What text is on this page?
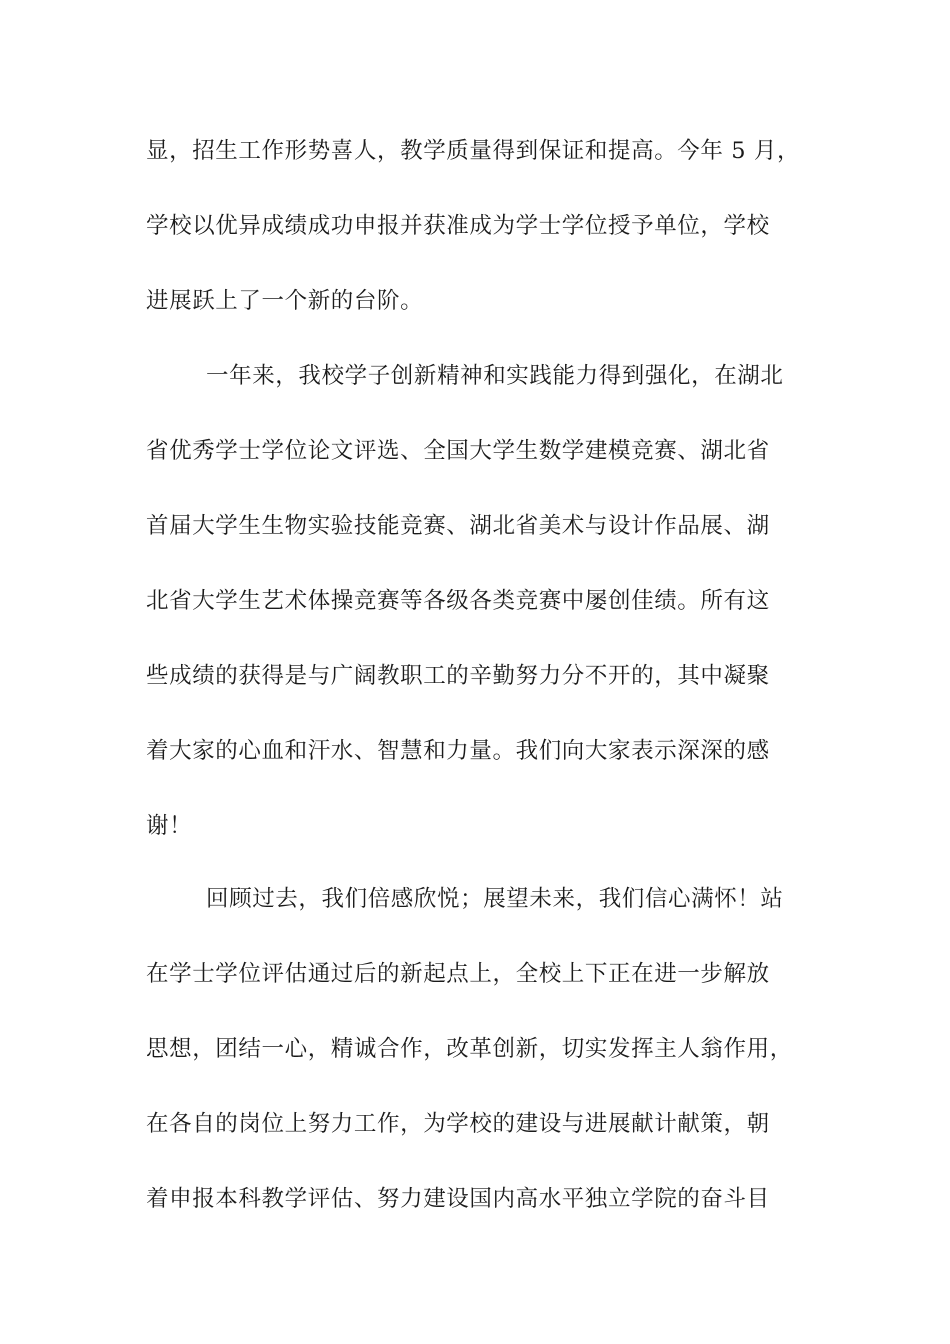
显，招生工作形势喜人，教学质量得到保证和提高。今年 5 月，
学校以优异成绩成功申报并获准成为学士学位授予单位，学校
进展跃上了一个新的台阶。
一年来，我校学子创新精神和实践能力得到强化，在湖北
省优秀学士学位论文评选、全国大学生数学建模竞赛、湖北省
首届大学生生物实验技能竞赛、湖北省美术与设计作品展、湖
北省大学生艺术体操竞赛等各级各类竞赛中屡创佳绩。所有这
些成绩的获得是与广阔教职工的辛勤努力分不开的，其中凝聚
着大家的心血和汗水、智慧和力量。我们向大家表示深深的感
谢！
回顾过去，我们倍感欣悦；展望未来，我们信心满怀！站
在学士学位评估通过后的新起点上，全校上下正在进一步解放
思想，团结一心，精诚合作，改革创新，切实发挥主人翁作用，
在各自的岗位上努力工作，为学校的建设与进展献计献策，朝
着申报本科教学评估、努力建设国内高水平独立学院的奋斗目
